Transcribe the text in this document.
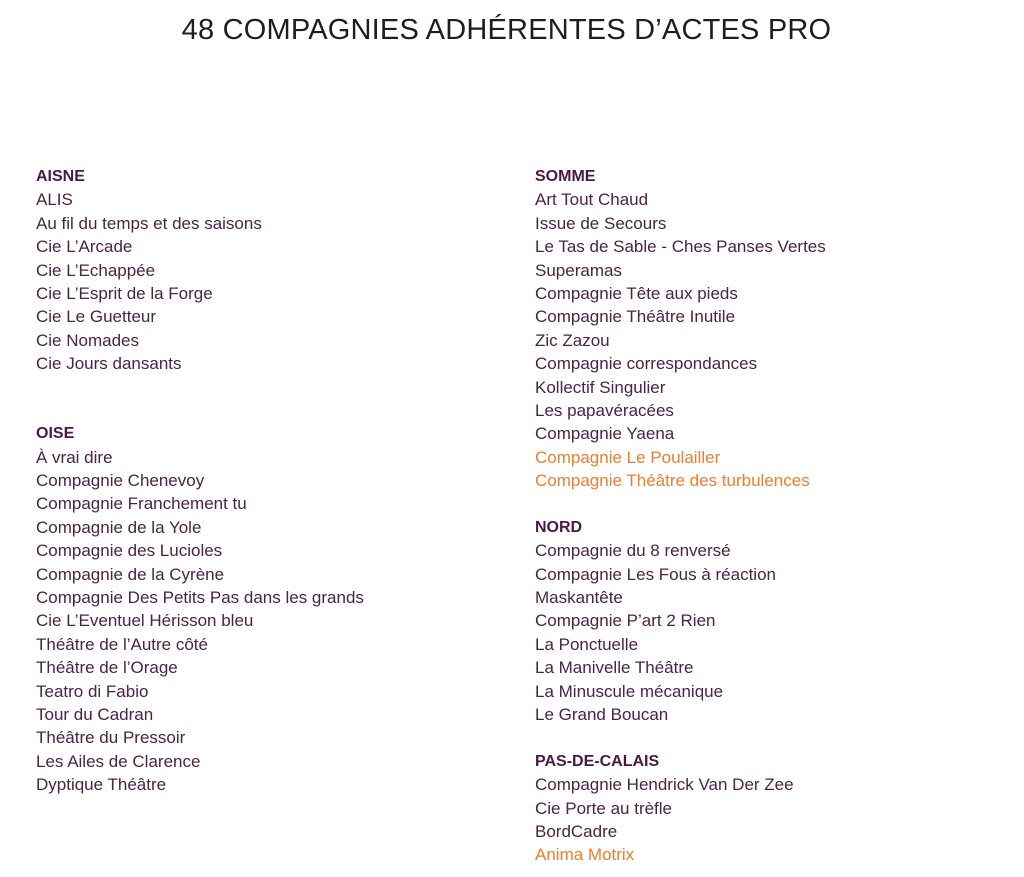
48 COMPAGNIES ADHÉRENTES D’ACTES PRO
AISNE
ALIS
Au fil du temps et des saisons
Cie L’Arcade
Cie L’Echappée
Cie L’Esprit de la Forge
Cie Le Guetteur
Cie Nomades
Cie Jours dansants
OISE
À vrai dire
Compagnie Chenevoy
Compagnie Franchement tu
Compagnie de la Yole
Compagnie des Lucioles
Compagnie de la Cyrène
Compagnie Des Petits Pas dans les grands
Cie L’Eventuel Hérisson bleu
Théâtre de l’Autre côté
Théâtre de l’Orage
Teatro di Fabio
Tour du Cadran
Théâtre du Pressoir
Les Ailes de Clarence
Dyptique Théâtre
SOMME
Art Tout Chaud
Issue de Secours
Le Tas de Sable - Ches Panses Vertes
Superamas
Compagnie Tête aux pieds
Compagnie Théâtre Inutile
Zic Zazou
Compagnie correspondances
Kollectif Singulier
Les papavéracées
Compagnie Yaena
Compagnie Le Poulailler
Compagnie Théâtre des turbulences
NORD
Compagnie du 8 renversé
Compagnie Les Fous à réaction
Maskantête
Compagnie P’art 2 Rien
La Ponctuelle
La Manivelle Théâtre
La Minuscule mécanique
Le Grand Boucan
PAS-DE-CALAIS
Compagnie Hendrick Van Der Zee
Cie Porte au trèfle
BordCadre
Anima Motrix
